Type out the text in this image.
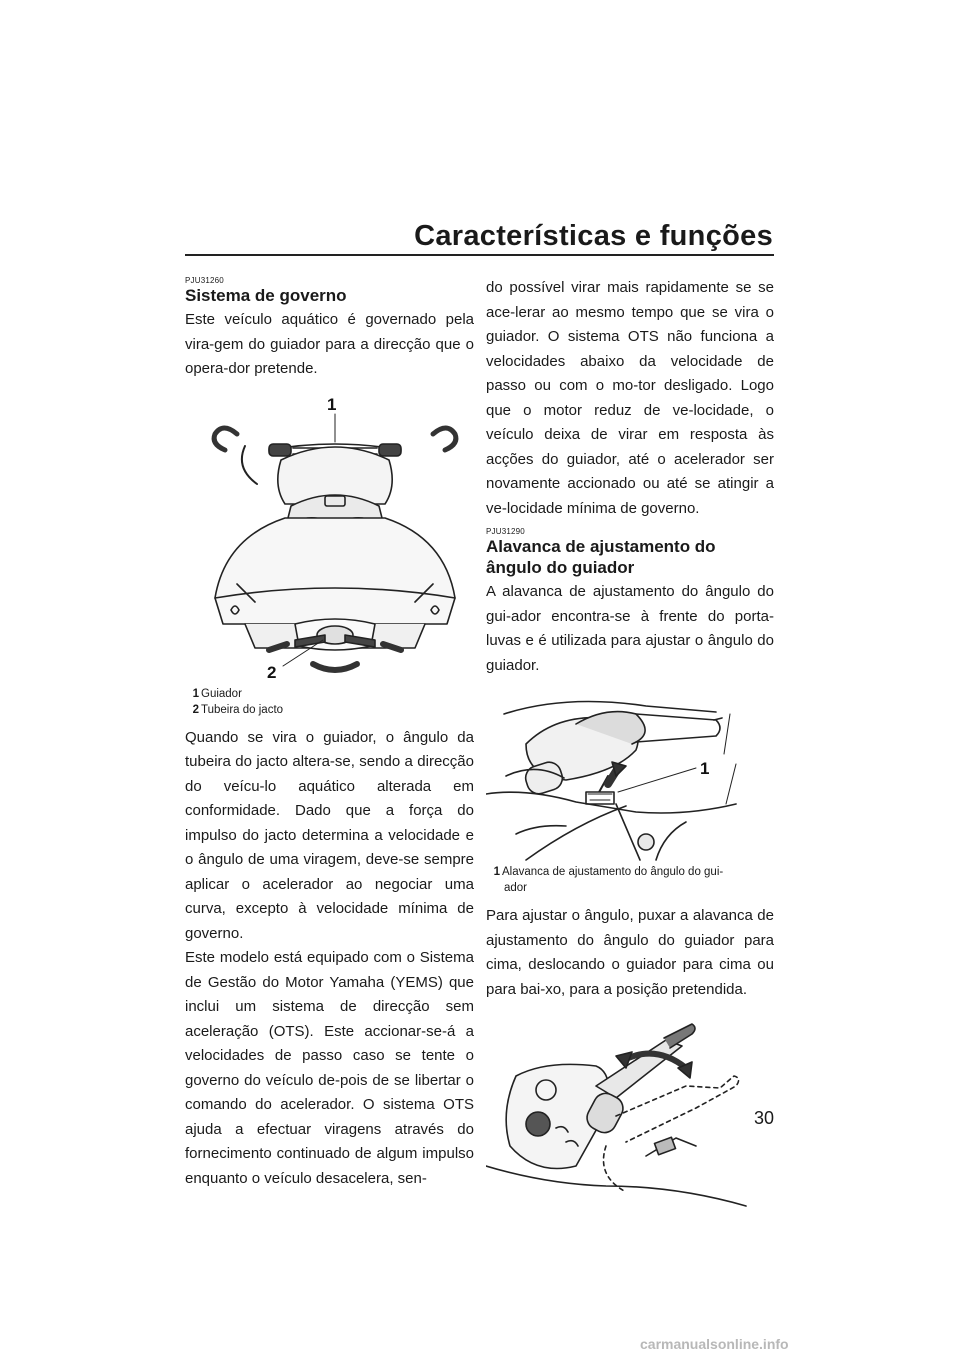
Características e funções
PJU31260
Sistema de governo

Este veículo aquático é governado pela vira-gem do guiador para a direcção que o opera-dor pretende.

1
2
1 Guiador
2 Tubeira do jacto

Quando se vira o guiador, o ângulo da tubeira do jacto altera-se, sendo a direcção do veícu-lo aquático alterada em conformidade. Dado que a força do impulso do jacto determina a velocidade e o ângulo de uma viragem, deve-se sempre aplicar o acelerador ao negociar uma curva, excepto à velocidade mínima de governo.

Este modelo está equipado com o Sistema de Gestão do Motor Yamaha (YEMS) que inclui um sistema de direcção sem aceleração (OTS). Este accionar-se-á a velocidades de passo caso se tente o governo do veículo de-pois de se libertar o comando do acelerador. O sistema OTS ajuda a efectuar viragens através do fornecimento continuado de algum impulso enquanto o veículo desacelera, sen-

do possível virar mais rapidamente se se ace-lerar ao mesmo tempo que se vira o guiador. O sistema OTS não funciona a velocidades abaixo da velocidade de passo ou com o mo-tor desligado. Logo que o motor reduz de ve-locidade, o veículo deixa de virar em resposta às acções do guiador, até o acelerador ser novamente accionado ou até se atingir a ve-locidade mínima de governo.

PJU31290
Alavanca de ajustamento do ângulo do guiador

A alavanca de ajustamento do ângulo do gui-ador encontra-se à frente do porta-luvas e é utilizada para ajustar o ângulo do guiador.

1
1 Alavanca de ajustamento do ângulo do gui-
ador

Para ajustar o ângulo, puxar a alavanca de ajustamento do ângulo do guiador para cima, deslocando o guiador para cima ou para bai-xo, para a posição pretendida.

30
carmanualsonline.info
